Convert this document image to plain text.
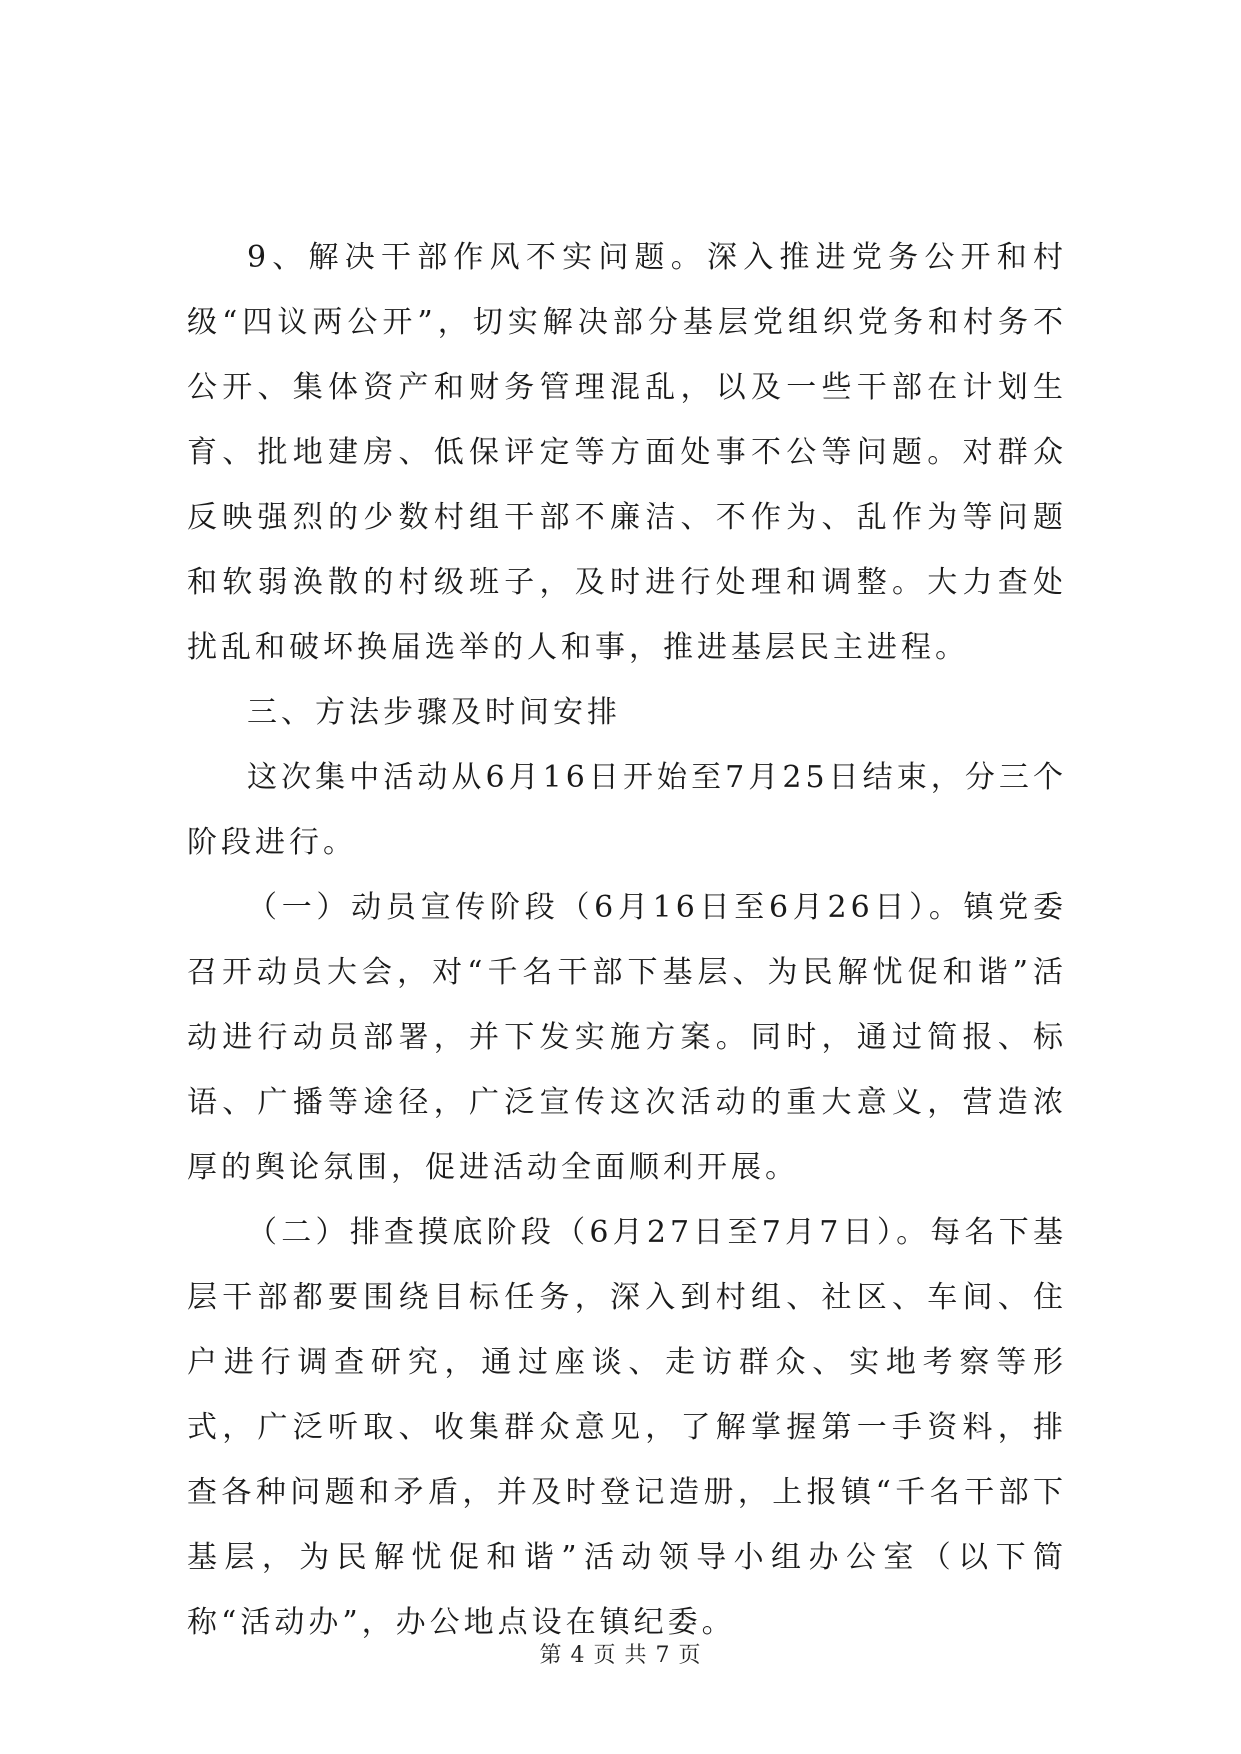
9、解决干部作风不实问题。深入推进党务公开和村级“四议两公开”，切实解决部分基层党组织党务和村务不公开、集体资产和财务管理混乱，以及一些干部在计划生育、批地建房、低保评定等方面处事不公等问题。对群众反映强烈的少数村组干部不廉洁、不作为、乱作为等问题和软弱涣散的村级班子，及时进行处理和调整。大力查处扰乱和破坏换届选举的人和事，推进基层民主进程。

三、方法步骤及时间安排

这次集中活动从6月16日开始至7月25日结束，分三个阶段进行。

（一）动员宣传阶段（6月16日至6月26日）。镇党委召开动员大会，对“千名干部下基层、为民解忧促和谐”活动进行动员部署，并下发实施方案。同时，通过简报、标语、广播等途径，广泛宣传这次活动的重大意义，营造浓厚的舆论氛围，促进活动全面顺利开展。

（二）排查摸底阶段（6月27日至7月7日）。每名下基层干部都要围绕目标任务，深入到村组、社区、车间、住户进行调查研究，通过座谈、走访群众、实地考察等形式，广泛听取、收集群众意见，了解掌握第一手资料，排查各种问题和矛盾，并及时登记造册，上报镇“千名干部下基层，为民解忧促和谐”活动领导小组办公室（以下简称“活动办”，办公地点设在镇纪委。

第 4 页 共 7 页
